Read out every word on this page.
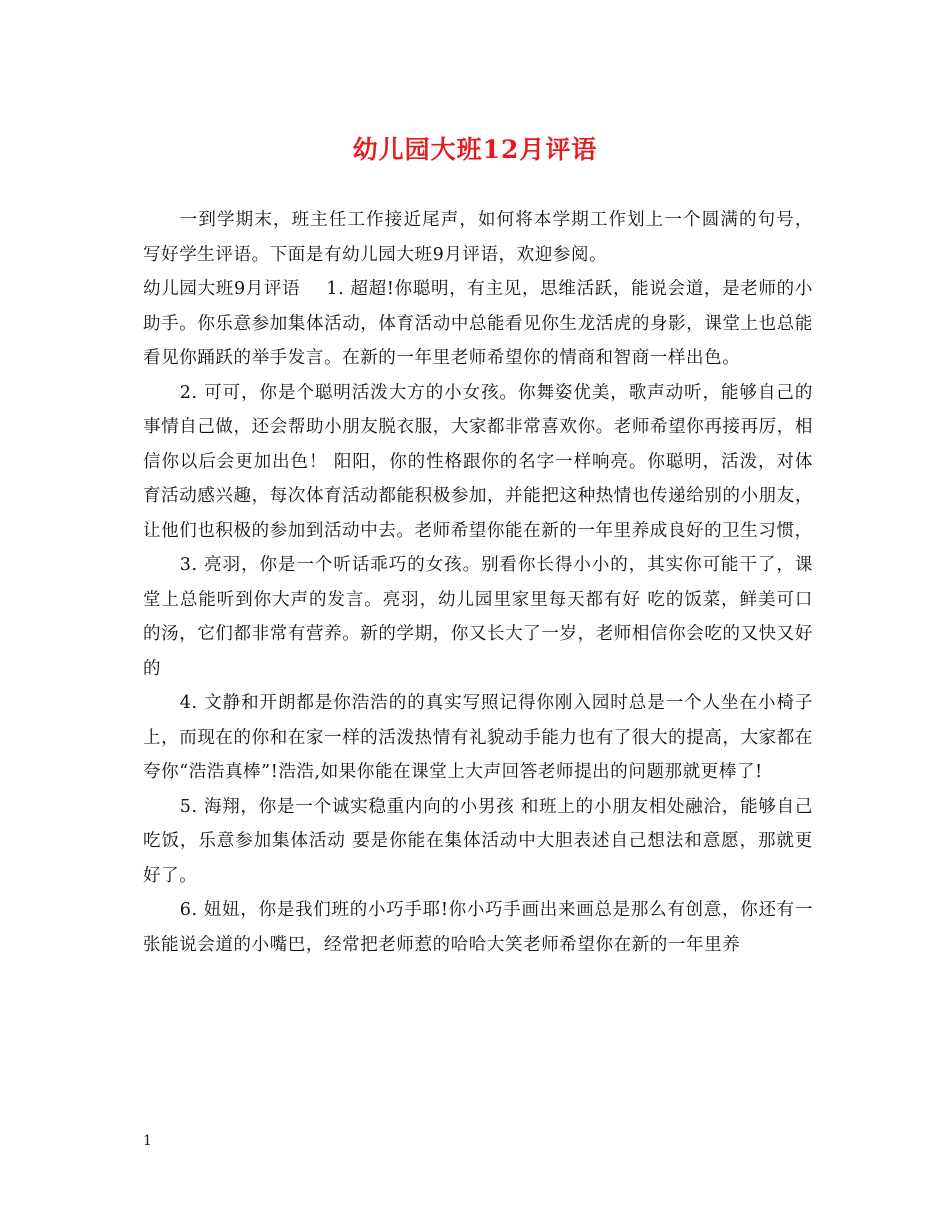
幼儿园大班12月评语

一到学期末，班主任工作接近尾声，如何将本学期工作划上一个圆满的句号，写好学生评语。下面是有幼儿园大班9月评语，欢迎参阅。

幼儿园大班9月评语 1. 超超!你聪明，有主见，思维活跃，能说会道，是老师的小助手。你乐意参加集体活动，体育活动中总能看见你生龙活虎的身影，课堂上也总能看见你踊跃的举手发言。在新的一年里老师希望你的情商和智商一样出色。

2. 可可，你是个聪明活泼大方的小女孩。你舞姿优美，歌声动听，能够自己的事情自己做，还会帮助小朋友脱衣服，大家都非常喜欢你。老师希望你再接再厉，相信你以后会更加出色！ 阳阳，你的性格跟你的名字一样响亮。你聪明，活泼，对体育活动感兴趣，每次体育活动都能积极参加，并能把这种热情也传递给别的小朋友，让他们也积极的参加到活动中去。老师希望你能在新的一年里养成良好的卫生习惯，

3. 亮羽，你是一个听话乖巧的女孩。别看你长得小小的，其实你可能干了，课堂上总能听到你大声的发言。亮羽，幼儿园里家里每天都有好 吃的饭菜，鲜美可口的汤，它们都非常有营养。新的学期，你又长大了一岁，老师相信你会吃的又快又好的

4. 文静和开朗都是你浩浩的的真实写照记得你刚入园时总是一个人坐在小椅子上，而现在的你和在家一样的活泼热情有礼貌动手能力也有了很大的提高，大家都在夸你“浩浩真棒”!浩浩,如果你能在课堂上大声回答老师提出的问题那就更棒了!

5. 海翔，你是一个诚实稳重内向的小男孩 和班上的小朋友相处融洽，能够自己吃饭，乐意参加集体活动 要是你能在集体活动中大胆表述自己想法和意愿，那就更好了。

6. 妞妞，你是我们班的小巧手耶!你小巧手画出来画总是那么有创意，你还有一张能说会道的小嘴巴，经常把老师惹的哈哈大笑老师希望你在新的一年里养

1
